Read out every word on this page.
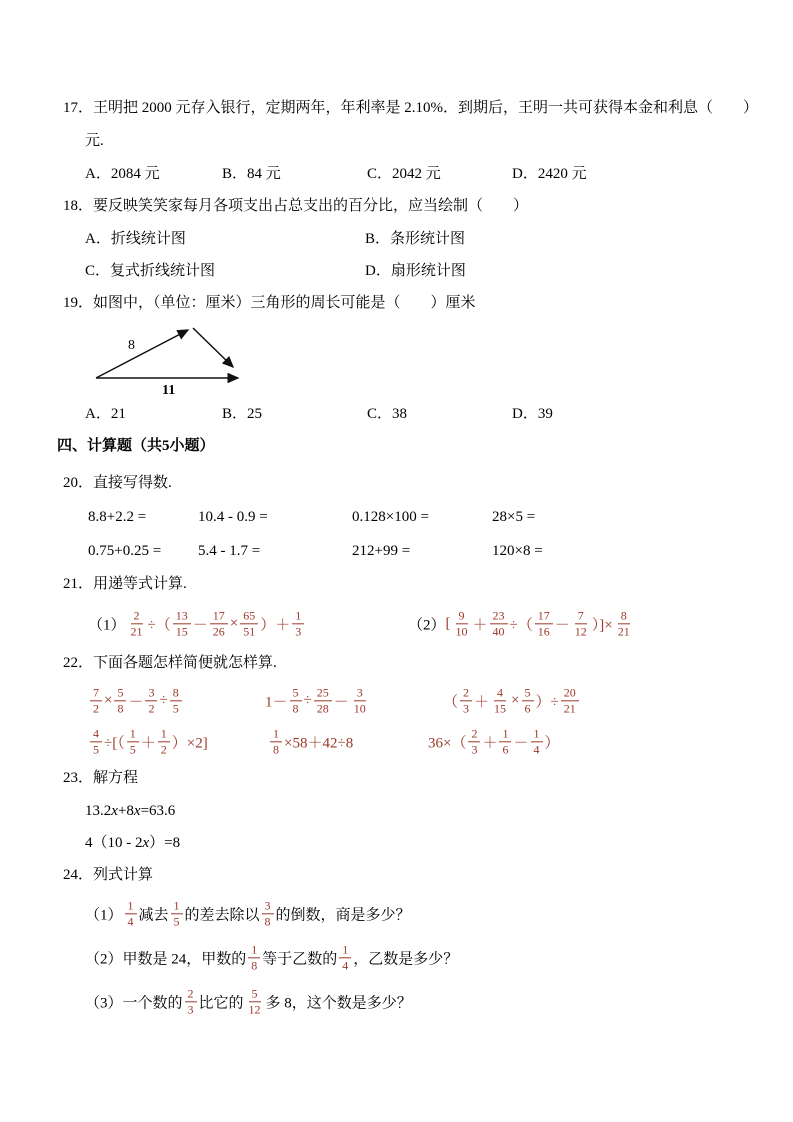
17．王明把 2000 元存入银行，定期两年，年利率是 2.10%．到期后，王明一共可获得本金和利息（　　）
元.
A．2084 元	B．84 元	C．2042 元	D．2420 元
18．要反映笑笑家每月各项支出占总支出的百分比，应当绘制（　　）
A．折线统计图	B．条形统计图
C．复式折线统计图	D．扇形统计图
19．如图中，（单位：厘米）三角形的周长可能是（　　）厘米
8
11
A．21	B．25	C．38	D．39
四、计算题（共5小题）
20．直接写得数.
8.8+2.2 =	10.4 - 0.9 =	0.128×100 =	28×5 =
0.75+0.25 = 5.4 - 1.7 =	212+99 =	120×8 =
21．用递等式计算.
$(1) \frac{2}{21}$ ÷（ $\frac{13}{15} - \frac{17}{26} \times \frac{65}{51}$ ）＋ $\frac{1}{3}$	（2） [ $\frac{9}{10} + \frac{23}{40}$ ÷（ $\frac{17}{16} - \frac{7}{12}$ ）]× $\frac{8}{21}$
22．下面各题怎样简便就怎样算.
$\frac{7}{2} \times \frac{5}{8} - \frac{3}{2} \div \frac{8}{5}$	$1- \frac{5}{8} \div \frac{25}{28} - \frac{3}{10}$	（ $\frac{2}{3} + \frac{4}{15} \times \frac{5}{6}$ ）÷ $\frac{20}{21}$
$\frac{4}{5}$ ÷[（ $\frac{1}{5} + \frac{1}{2} )\times 2$]	$\frac{1}{8} \times 58+42\div 8$	$36\times( \frac{2}{3} + \frac{1}{6} - \frac{1}{4}$ ）
23．解方程
13.2 x +8 x =63.6
4（10 - 2 x ）=8
24．列式计算
$(1) \frac{1}{4}$ 减去 $\frac{1}{5}$ 的差去除以 $\frac{3}{8}$ 的倒数，商是多少？
（2）甲数是 24，甲数的 $\frac{1}{8}$ 等于乙数的 $\frac{1}{4}$ ，乙数是多少？
（3）一个数的 $\frac{2}{3}$ 比它的 $\frac{5}{12}$ 多 8，这个数是多少？
